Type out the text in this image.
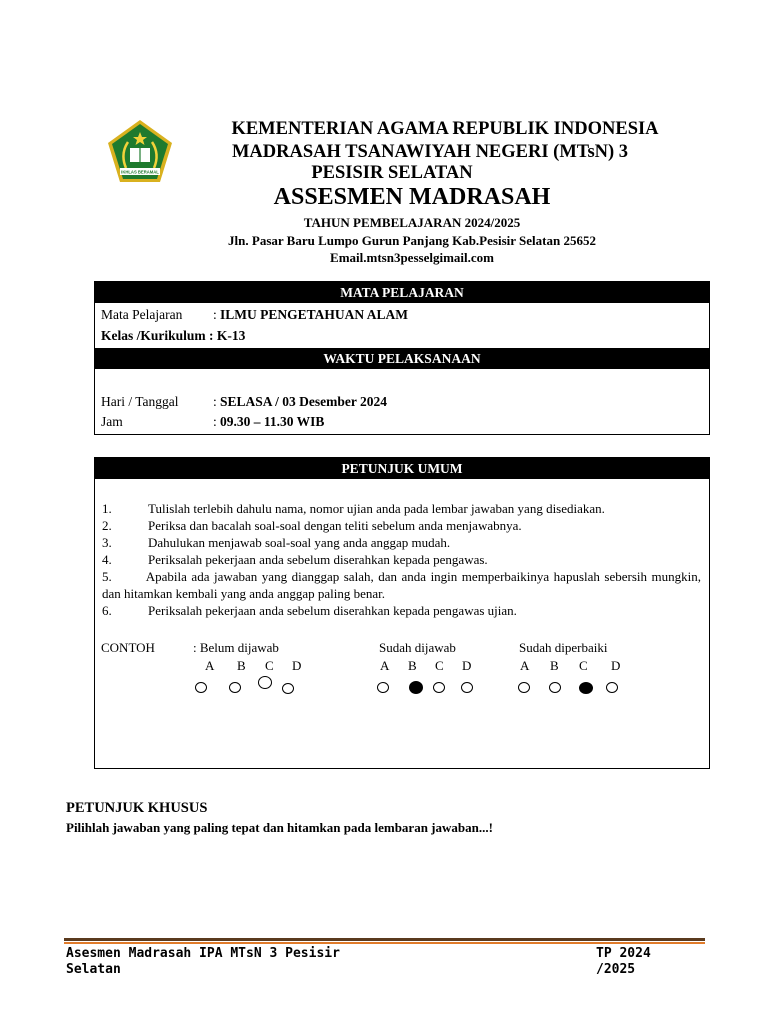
IKHLAS BERAMAL
KEMENTERIAN AGAMA REPUBLIK INDONESIA
MADRASAH TSANAWIYAH NEGERI (MTsN) 3
PESISIR SELATAN
ASSESMEN MADRASAH
TAHUN PEMBELAJARAN 2024/2025
Jln. Pasar Baru Lumpo Gurun Panjang Kab.Pesisir Selatan 25652
Email.mtsn3pesselgimail.com
MATA PELAJARAN
Mata Pelajaran : ILMU PENGETAHUAN ALAM
Kelas /Kurikulum : K-13
WAKTU PELAKSANAAN
Hari / Tanggal	: SELASA / 03 Desember 2024
Jam	: 09.30 – 11.30 WIB
PETUNJUK UMUM
1.	Tulislah terlebih dahulu nama, nomor ujian anda pada lembar jawaban yang disediakan.
2.	Periksa dan bacalah soal-soal dengan teliti sebelum anda menjawabnya.
3.	Dahulukan menjawab soal-soal yang anda anggap mudah.
4.	Periksalah pekerjaan anda sebelum diserahkan kepada pengawas.
5.	Apabila ada jawaban yang dianggap salah, dan anda ingin memperbaikinya hapuslah sebersih mungkin, dan hitamkan kembali yang anda anggap paling benar.
6.	Periksalah pekerjaan anda sebelum diserahkan kepada pengawas ujian.
CONTOH	: Belum dijawab	Sudah dijawab	Sudah diperbaiki
A B C D	A B C D	A B C D
PETUNJUK KHUSUS
Pilihlah jawaban yang paling tepat dan hitamkan pada lembaran jawaban...!
Asesmen Madrasah IPA MTsN 3 Pesisir
Selatan
TP 2024
/2025
